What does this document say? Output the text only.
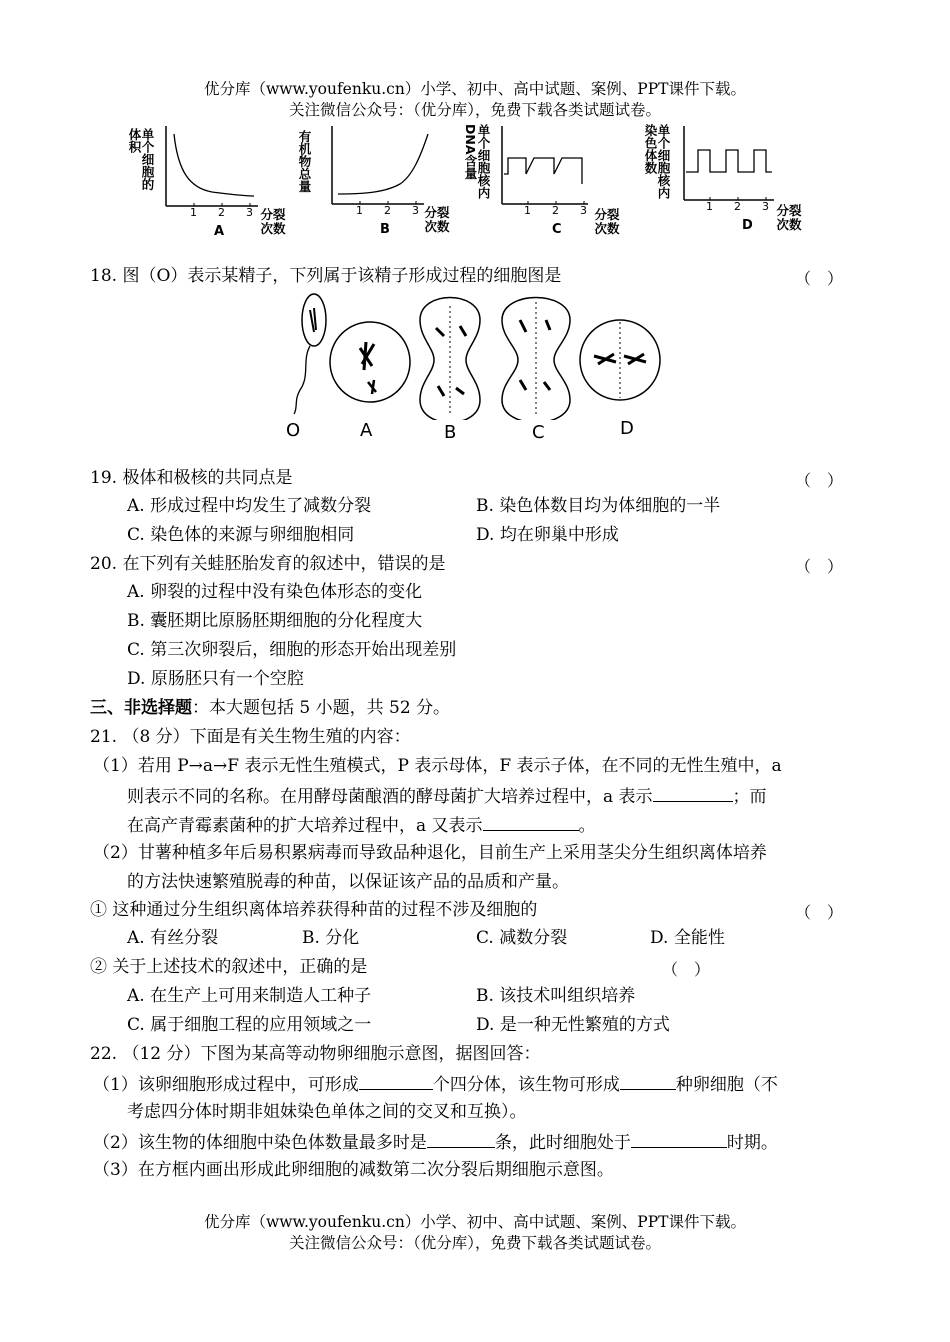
优分库（www.youfenku.cn）小学、初中、高中试题、案例、PPT课件下载。
关注微信公众号：（优分库），免费下载各类试题试卷。
单个细胞的体积
1 2 3 分裂次数
A
有机物总量
1 2 3 分裂次数
B
单个细胞核内DNA含量
1 2 3 分裂次数
C
单个细胞核内染色体数
1 2 3 分裂次数
D
18. 图（O）表示某精子，下列属于该精子形成过程的细胞图是	（　）
O	A	B	C	D
19. 极体和极核的共同点是	（　）
A. 形成过程中均发生了减数分裂	B. 染色体数目均为体细胞的一半
C. 染色体的来源与卵细胞相同	D. 均在卵巢中形成
20. 在下列有关蛙胚胎发育的叙述中，错误的是	（　）
A. 卵裂的过程中没有染色体形态的变化
B. 囊胚期比原肠胚期细胞的分化程度大
C. 第三次卵裂后，细胞的形态开始出现差别
D. 原肠胚只有一个空腔
三、非选择题：本大题包括 5 小题，共 52 分。
21. （8 分）下面是有关生物生殖的内容：
（1）若用 P→a→F 表示无性生殖模式，P 表示母体，F 表示子体，在不同的无性生殖中，a
则表示不同的名称。在用酵母菌酿酒的酵母菌扩大培养过程中，a 表示	；而
在高产青霉素菌种的扩大培养过程中，a 又表示	。
（2）甘薯种植多年后易积累病毒而导致品种退化，目前生产上采用茎尖分生组织离体培养
的方法快速繁殖脱毒的种苗，以保证该产品的品质和产量。
① 这种通过分生组织离体培养获得种苗的过程不涉及细胞的	（　）
A. 有丝分裂	B. 分化	C. 减数分裂	D. 全能性
② 关于上述技术的叙述中，正确的是	（　）
A. 在生产上可用来制造人工种子	B. 该技术叫组织培养
C. 属于细胞工程的应用领域之一	D. 是一种无性繁殖的方式
22. （12 分）下图为某高等动物卵细胞示意图，据图回答：
（1）该卵细胞形成过程中，可形成	个四分体，该生物可形成	种卵细胞（不
考虑四分体时期非姐妹染色单体之间的交叉和互换）。
（2）该生物的体细胞中染色体数量最多时是	条，此时细胞处于	时期。
（3）在方框内画出形成此卵细胞的减数第二次分裂后期细胞示意图。
优分库（www.youfenku.cn）小学、初中、高中试题、案例、PPT课件下载。
关注微信公众号：（优分库），免费下载各类试题试卷。
